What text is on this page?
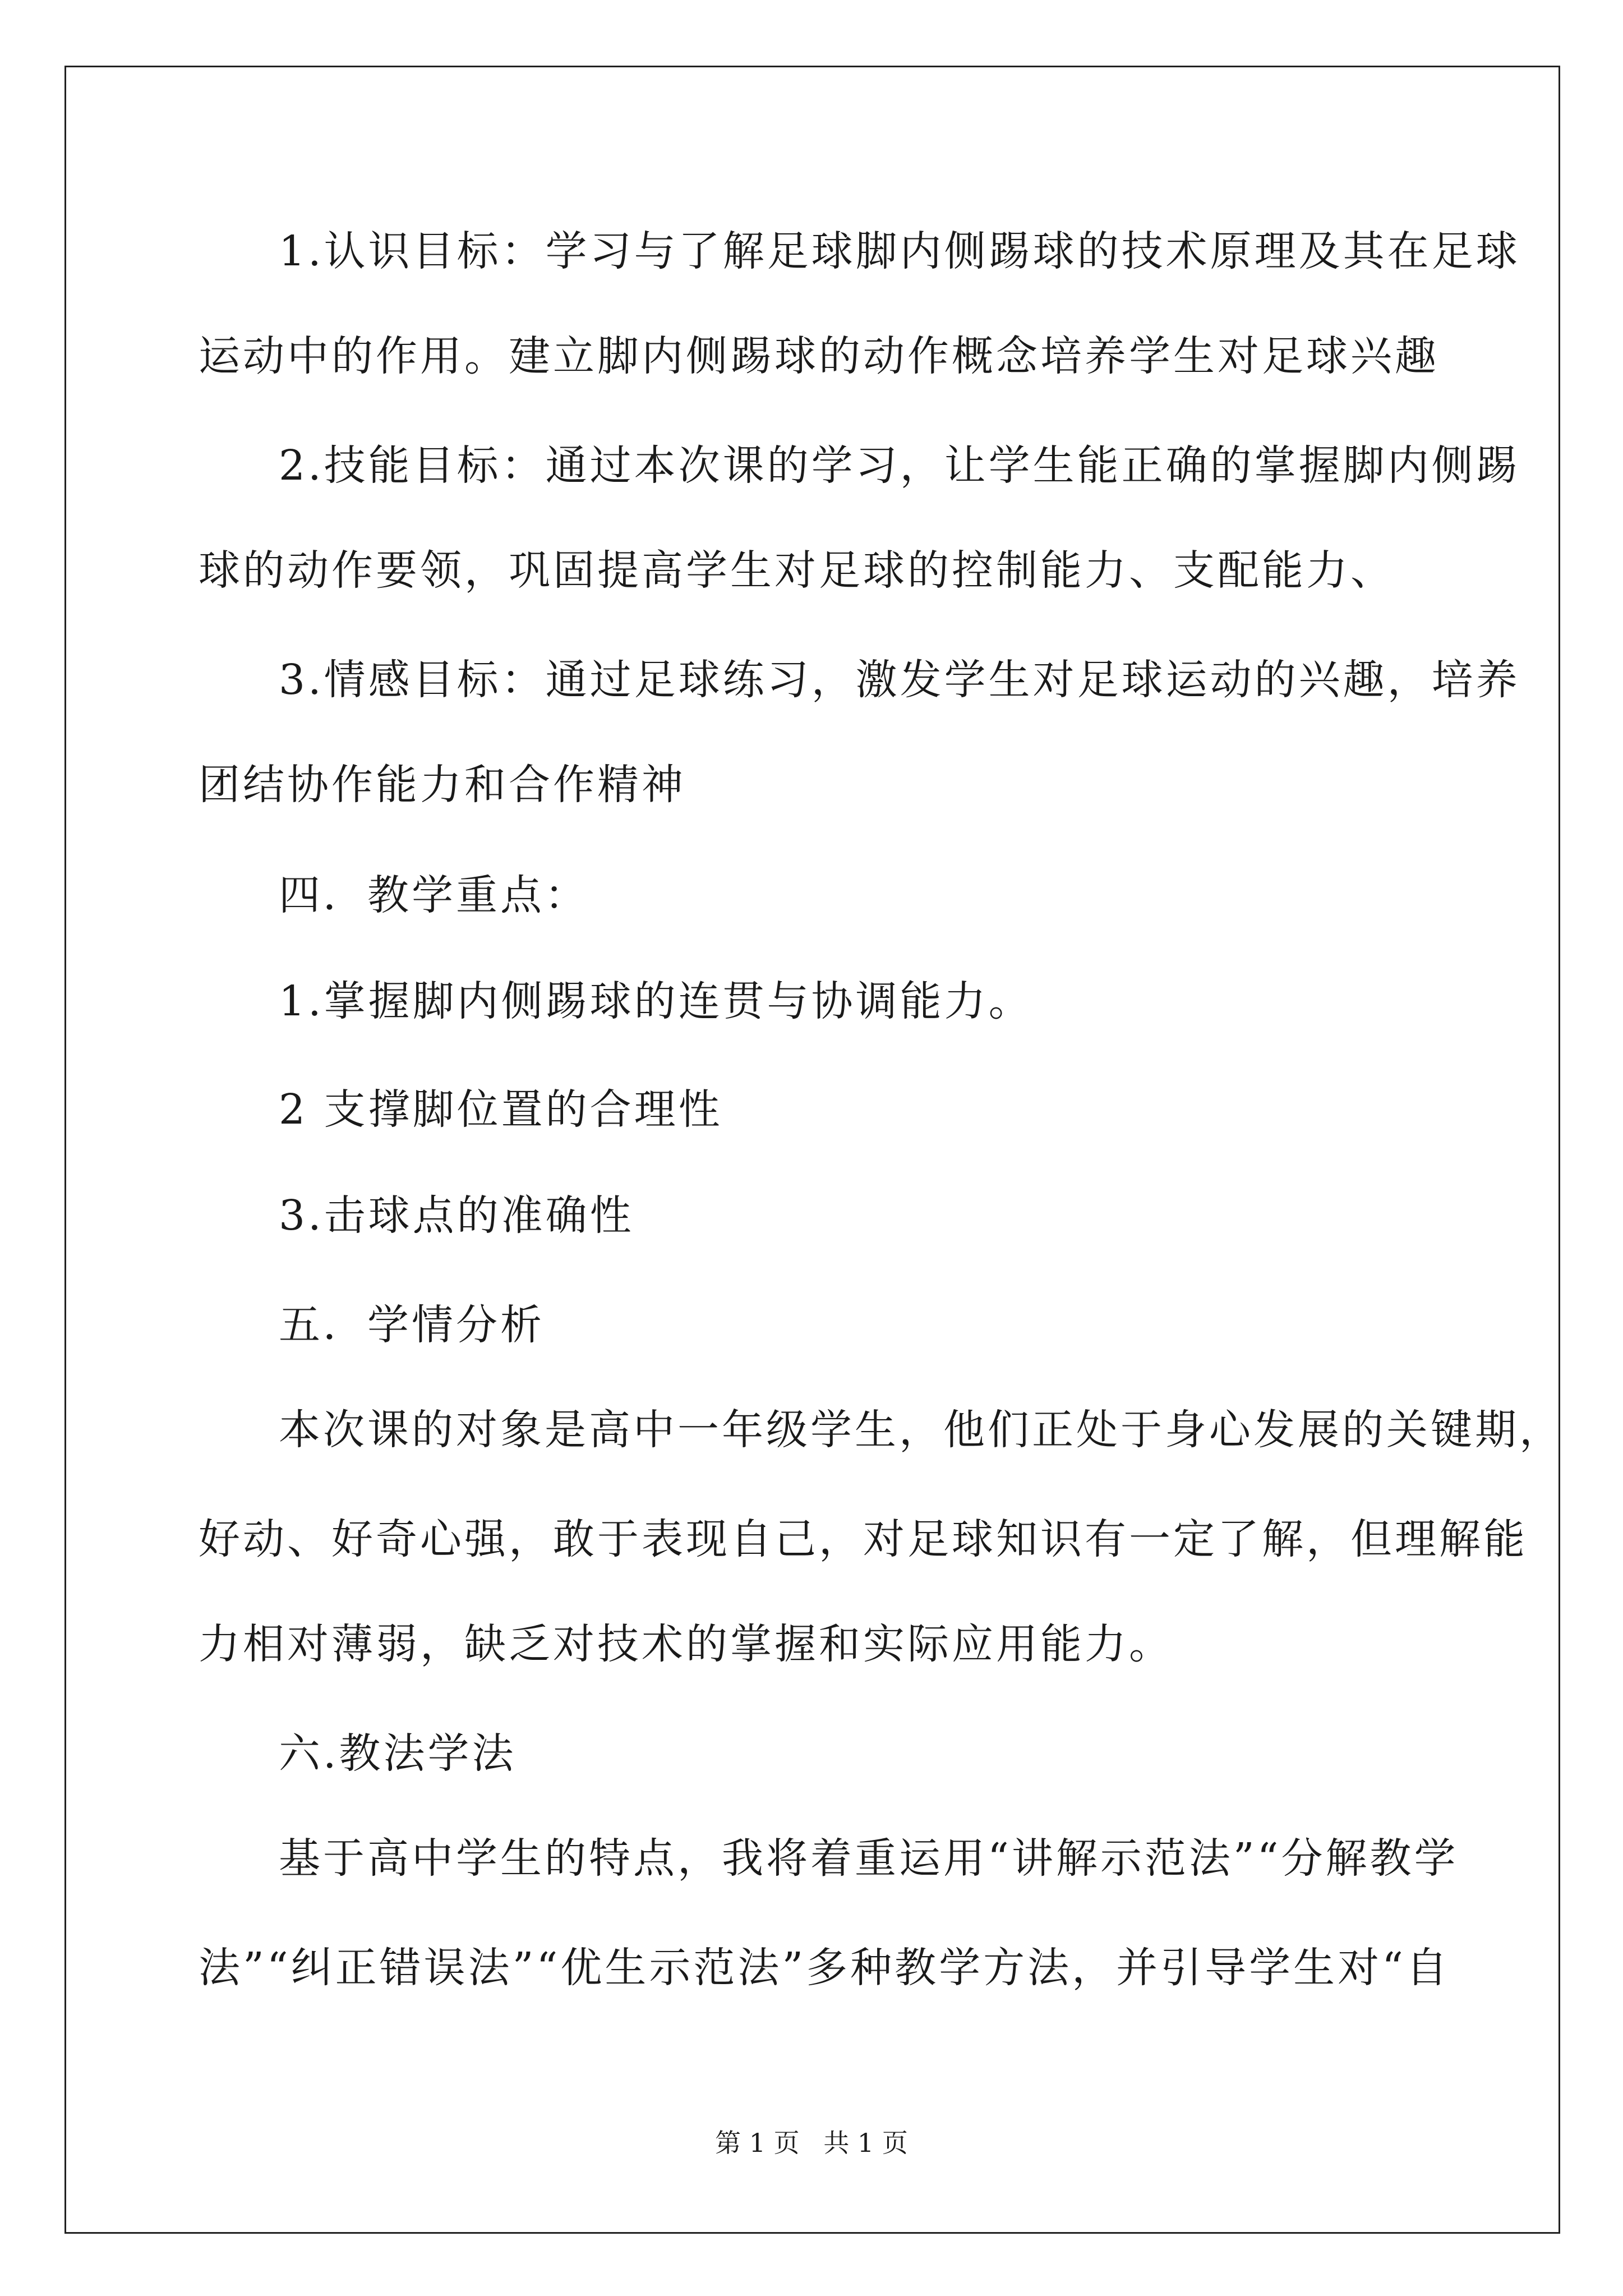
1.认识目标：学习与了解足球脚内侧踢球的技术原理及其在足球

运动中的作用。建立脚内侧踢球的动作概念培养学生对足球兴趣

2.技能目标：通过本次课的学习，让学生能正确的掌握脚内侧踢

球的动作要领，巩固提高学生对足球的控制能力、支配能力、

3.情感目标：通过足球练习，激发学生对足球运动的兴趣，培养

团结协作能力和合作精神

四．教学重点：

1.掌握脚内侧踢球的连贯与协调能力。

2 支撑脚位置的合理性

3.击球点的准确性

五．学情分析

本次课的对象是高中一年级学生，他们正处于身心发展的关键期，

好动、好奇心强，敢于表现自己，对足球知识有一定了解，但理解能

力相对薄弱，缺乏对技术的掌握和实际应用能力。

六.教法学法

基于高中学生的特点，我将着重运用“讲解示范法”“分解教学

法”“纠正错误法”“优生示范法”多种教学方法，并引导学生对“自

第 1 页 共 1 页
